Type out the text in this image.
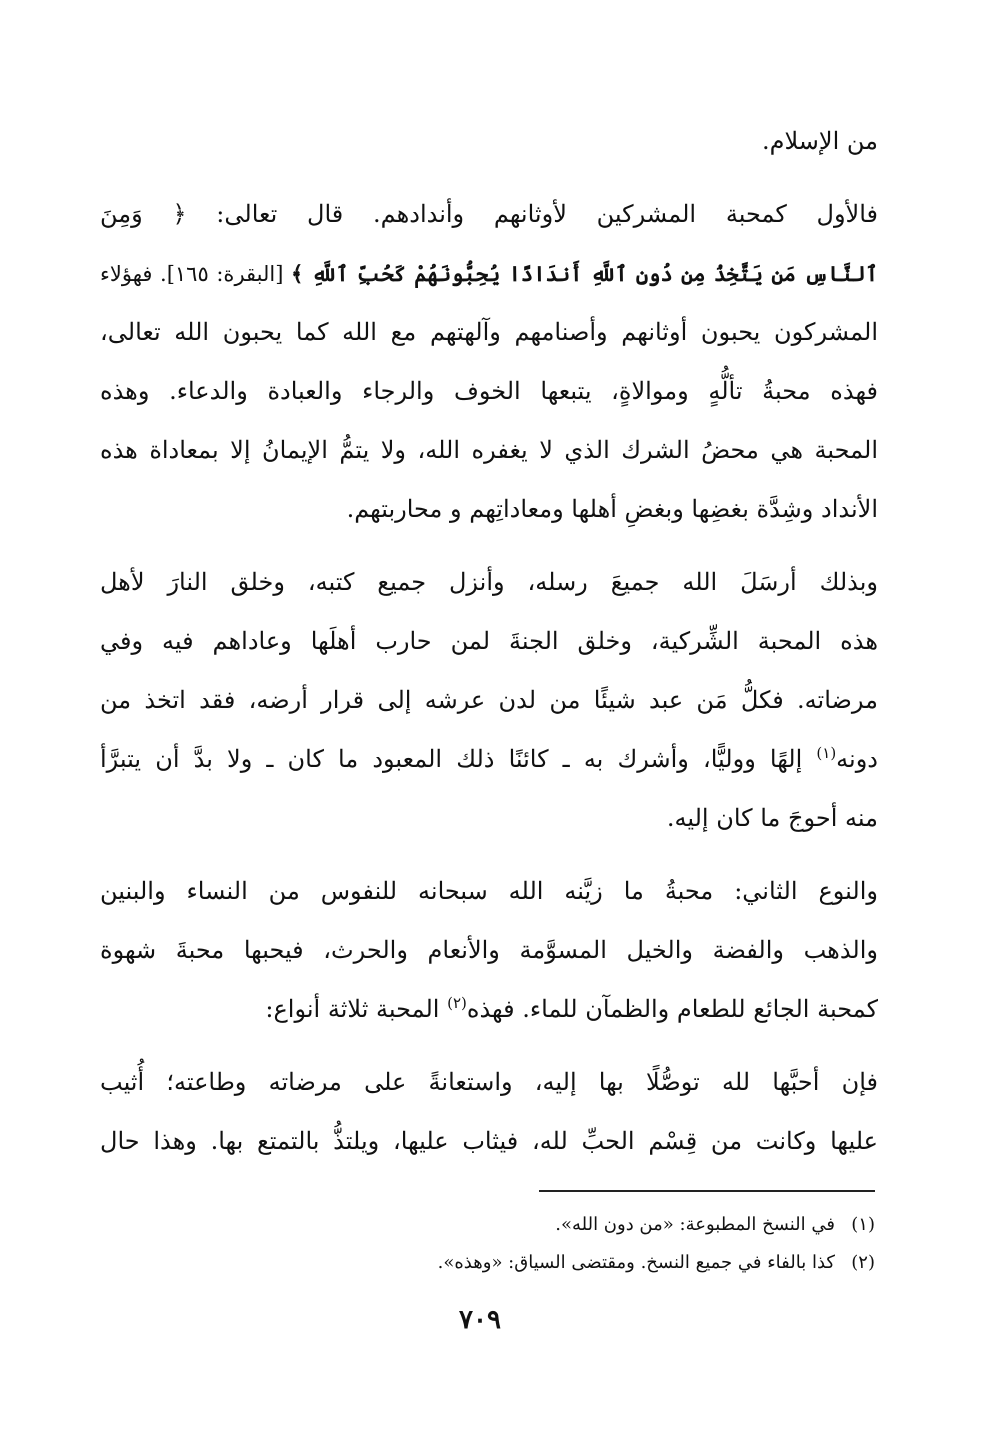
من الإسلام.
فالأول كمحبة المشركين لأوثانهم وأندادهم. قال تعالى: ﴿ وَمِنَ
ٱلنَّاسِ مَن يَتَّخِذُ مِن دُونِ ٱللَّهِ أَندَادًا يُحِبُّونَهُمْ كَحُبِّ ٱللَّهِ ﴾ [البقرة: ١٦٥]. فهؤلاء
المشركون يحبون أوثانهم وأصنامهم وآلهتهم مع الله كما يحبون الله تعالى،
فهذه محبةُ تألُّهٍ وموالاةٍ، يتبعها الخوف والرجاء والعبادة والدعاء. وهذه
المحبة هي محضُ الشرك الذي لا يغفره الله، ولا يتمُّ الإيمانُ إلا بمعاداة هذه
الأنداد وشِدَّة بغضِها وبغضِ أهلها ومعاداتِهم و محاربتهم.
وبذلك أرسَلَ الله جميعَ رسله، وأنزل جميع كتبه، وخلق النارَ لأهل
هذه المحبة الشِّركية، وخلق الجنةَ لمن حارب أهلَها وعاداهم فيه وفي
مرضاته. فكلُّ مَن عبد شيئًا من لدن عرشه إلى قرار أرضه، فقد اتخذ من
دونه$^{(١)}$ إلهًا ووليًّا، وأشرك به ـ كائنًا ذلك المعبود ما كان ـ ولا بدَّ أن يتبرَّأ
منه أحوجَ ما كان إليه.
والنوع الثاني: محبةُ ما زيَّنه الله سبحانه للنفوس من النساء والبنين
والذهب والفضة والخيل المسوَّمة والأنعام والحرث، فيحبها محبةَ شهوة
كمحبة الجائع للطعام والظمآن للماء. فهذه$^{(٢)}$ المحبة ثلاثة أنواع:
فإن أحبَّها لله توصُّلًا بها إليه، واستعانةً على مرضاته وطاعته؛ أُثيب
عليها وكانت من قِسْم الحبِّ لله، فيثاب عليها، ويلتذُّ بالتمتع بها. وهذا حال
(١)في النسخ المطبوعة: «من دون الله».
(٢)كذا بالفاء في جميع النسخ. ومقتضى السياق: «وهذه».
٧٠٩
